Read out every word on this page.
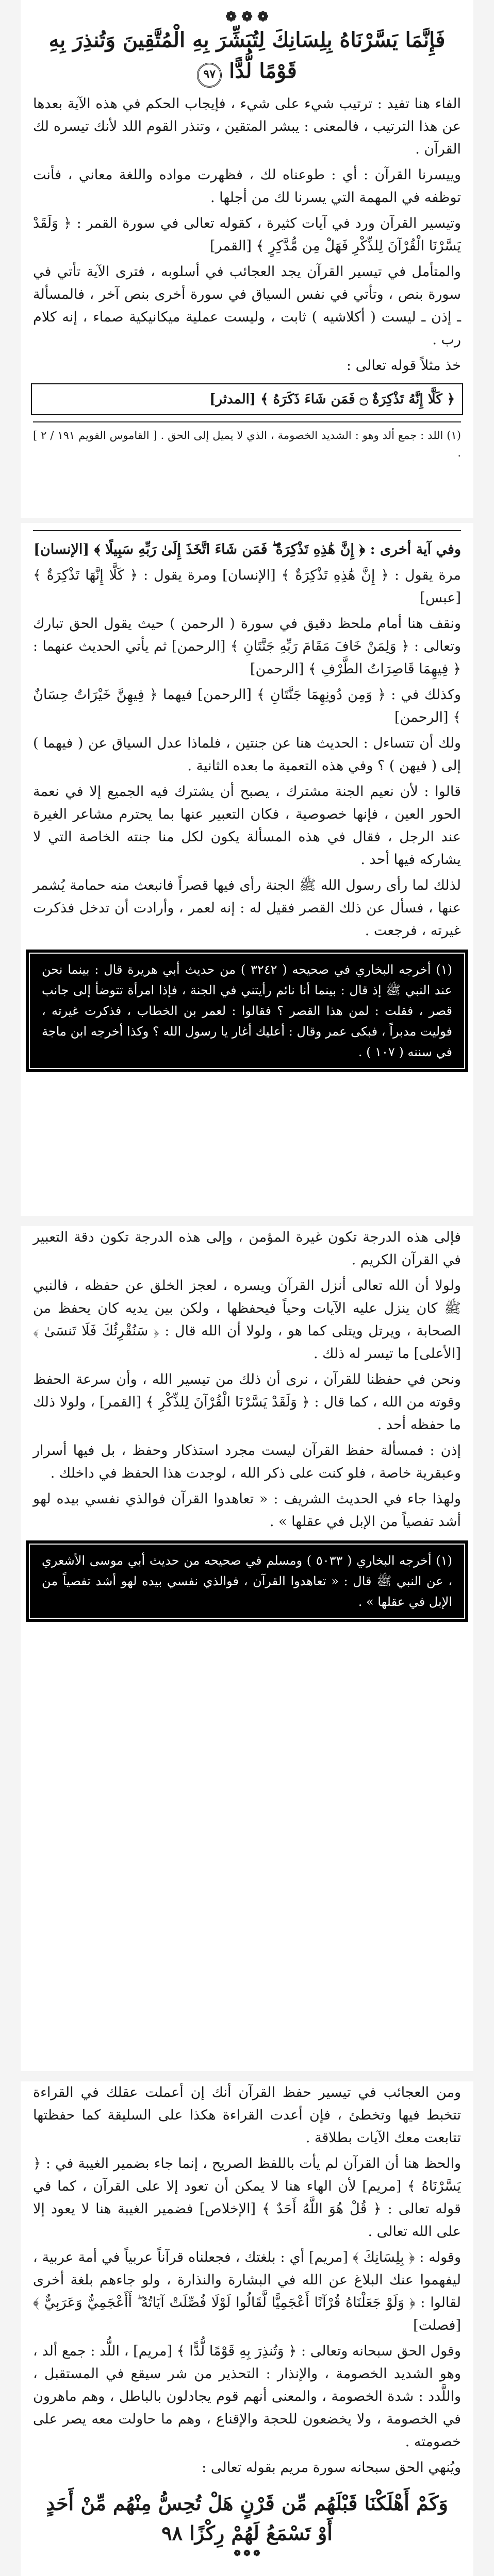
❁ ❁ ❁
فَإِنَّمَا يَسَّرْنَاهُ بِلِسَانِكَ لِتُبَشِّرَ بِهِ الْمُتَّقِينَ وَتُنذِرَ بِهِ قَوْمًا لُّدًّا ٩٧

الفاء هنا تفيد : ترتيب شيء على شيء ، فإيجاب الحكم في هذه الآية بعدها عن هذا الترتيب ، فالمعنى : يبشر المتقين ، وتنذر القوم اللد لأنك تيسره لك القرآن .

وييسرنا القرآن : أي : طوعناه لك ، فظهرت مواده واللغة معاني ، فأنت توظفه في المهمة التي يسرنا لك من أجلها .

وتيسير القرآن ورد في آيات كثيرة ، كقوله تعالى في سورة القمر : ﴿ وَلَقَدْ يَسَّرْنَا الْقُرْآنَ لِلذِّكْرِ فَهَلْ مِن مُّدَّكِرٍ ﴾ [القمر]

والمتأمل في تيسير القرآن يجد العجائب في أسلوبه ، فترى الآية تأتي في سورة بنص ، وتأتي في نفس السياق في سورة أخرى بنص آخر ، فالمسألة ـ إذن ـ ليست ( أكلاشيه ) ثابت ، وليست عملية ميكانيكية صماء ، إنه كلام رب .

خذ مثلاً قوله تعالى :

﴿ كَلَّا إِنَّهُ تَذْكِرَةٌ ۝ فَمَن شَاءَ ذَكَرَهُ ﴾ [المدثر]
(١) اللد : جمع ألد وهو : الشديد الخصومة ، الذي لا يميل إلى الحق . [ القاموس القويم ١٩١ / ٢ ] .

وفي آية أخرى : ﴿ إِنَّ هَٰذِهِ تَذْكِرَةٌ ۖ فَمَن شَاءَ اتَّخَذَ إِلَىٰ رَبِّهِ سَبِيلًا ﴾ [الإنسان]

مرة يقول : ﴿ إِنَّ هَٰذِهِ تَذْكِرَةٌ ﴾ [الإنسان] ومرة يقول : ﴿ كَلَّا إِنَّهَا تَذْكِرَةٌ ﴾ [عبس]

ونقف هنا أمام ملحظ دقيق في سورة ( الرحمن ) حيث يقول الحق تبارك وتعالى : ﴿ وَلِمَنْ خَافَ مَقَامَ رَبِّهِ جَنَّتَانِ ﴾ [الرحمن] ثم يأتي الحديث عنهما : ﴿ فِيهِمَا قَاصِرَاتُ الطَّرْفِ ﴾ [الرحمن]

وكذلك في : ﴿ وَمِن دُونِهِمَا جَنَّتَانِ ﴾ [الرحمن] فيهما ﴿ فِيهِنَّ خَيْرَاتٌ حِسَانٌ ﴾ [الرحمن]

ولك أن تتساءل : الحديث هنا عن جنتين ، فلماذا عدل السياق عن ( فيهما ) إلى ( فيهن ) ؟ وفي هذه التعمية ما بعده الثانية .

قالوا : لأن نعيم الجنة مشترك ، يصبح أن يشترك فيه الجميع إلا في نعمة الحور العين ، فإنها خصوصية ، فكان التعبير عنها بما يحترم مشاعر الغيرة عند الرجل ، فقال في هذه المسألة يكون لكل منا جنته الخاصة التي لا يشاركه فيها أحد .

لذلك لما رأى رسول الله ﷺ الجنة رأى فيها قصراً فانبعث منه حمامة يُشمر عنها ، فسأل عن ذلك القصر فقيل له : إنه لعمر ، وأرادت أن تدخل فذكرت غيرته ، فرجعت .

(١) أخرجه البخاري في صحيحه ( ٣٢٤٢ ) من حديث أبي هريرة قال : بينما نحن عند النبي ﷺ إذ قال : بينما أنا نائم رأيتني في الجنة ، فإذا امرأة تتوضأ إلى جانب قصر ، فقلت : لمن هذا القصر ؟ فقالوا : لعمر بن الخطاب ، فذكرت غيرته ، فوليت مدبراً ، فبكى عمر وقال : أعليك أغار يا رسول الله ؟ وكذا أخرجه ابن ماجة في سننه ( ١٠٧ ) .

فإلى هذه الدرجة تكون غيرة المؤمن ، وإلى هذه الدرجة تكون دقة التعبير في القرآن الكريم .

ولولا أن الله تعالى أنزل القرآن ويسره ، لعجز الخلق عن حفظه ، فالنبي ﷺ كان ينزل عليه الآيات وحياً فيحفظها ، ولكن بين يديه كان يحفظ من الصحابة ، ويرتل ويتلى كما هو ، ولولا أن الله قال : ﴿ سَنُقْرِئُكَ فَلَا تَنسَىٰ ﴾ [الأعلى] ما تيسر له ذلك .

ونحن في حفظنا للقرآن ، نرى أن ذلك من تيسير الله ، وأن سرعة الحفظ وقوته من الله ، كما قال : ﴿ وَلَقَدْ يَسَّرْنَا الْقُرْآنَ لِلذِّكْرِ ﴾ [القمر] ، ولولا ذلك ما حفظه أحد .

إذن : فمسألة حفظ القرآن ليست مجرد استذكار وحفظ ، بل فيها أسرار وعبقرية خاصة ، فلو كنت على ذكر الله ، لوجدت هذا الحفظ في داخلك .

ولهذا جاء في الحديث الشريف : « تعاهدوا القرآن فوالذي نفسي بيده لهو أشد تفصياً من الإبل في عقلها » .

(١) أخرجه البخاري ( ٥٠٣٣ ) ومسلم في صحيحه من حديث أبي موسى الأشعري ، عن النبي ﷺ قال : « تعاهدوا القرآن ، فوالذي نفسي بيده لهو أشد تفصياً من الإبل في عقلها » .

ومن العجائب في تيسير حفظ القرآن أنك إن أعملت عقلك في القراءة تتخبط فيها وتخطئ ، فإن أعدت القراءة هكذا على السليقة كما حفظتها تتابعت معك الآيات بطلاقة .

والحظ هنا أن القرآن لم يأت باللفظ الصريح ، إنما جاء بضمير الغيبة في : ﴿ يَسَّرْنَاهُ ﴾ [مريم] لأن الهاء هنا لا يمكن أن تعود إلا على القرآن ، كما في قوله تعالى : ﴿ قُلْ هُوَ اللَّهُ أَحَدٌ ﴾ [الإخلاص] فضمير الغيبة هنا لا يعود إلا على الله تعالى .

وقوله : ﴿ بِلِسَانِكَ ﴾ [مريم] أي : بلغتك ، فجعلناه قرآناً عربياً في أمة عربية ، ليفهموا عنك البلاغ عن الله في البشارة والنذارة ، ولو جاءهم بلغة أخرى لقالوا : ﴿ وَلَوْ جَعَلْنَاهُ قُرْآنًا أَعْجَمِيًّا لَّقَالُوا لَوْلَا فُصِّلَتْ آيَاتُهُ ۖ أَأَعْجَمِيٌّ وَعَرَبِيٌّ ﴾ [فصلت]

وقول الحق سبحانه وتعالى : ﴿ وَتُنذِرَ بِهِ قَوْمًا لُّدًّا ﴾ [مريم] ، اللُّد : جمع ألد ، وهو الشديد الخصومة ، والإنذار : التحذير من شر سيقع في المستقبل ، واللَّدد : شدة الخصومة ، والمعنى أنهم قوم يجادلون بالباطل ، وهم ماهرون في الخصومة ، ولا يخضعون للحجة والإقناع ، وهم ما حاولت معه يصر على خصومته .

ويُنهي الحق سبحانه سورة مريم بقوله تعالى :

وَكَمْ أَهْلَكْنَا قَبْلَهُم مِّن قَرْنٍ هَلْ تُحِسُّ مِنْهُم مِّنْ أَحَدٍ أَوْ تَسْمَعُ لَهُمْ رِكْزًا ٩٨
❁ ❁ ❁
